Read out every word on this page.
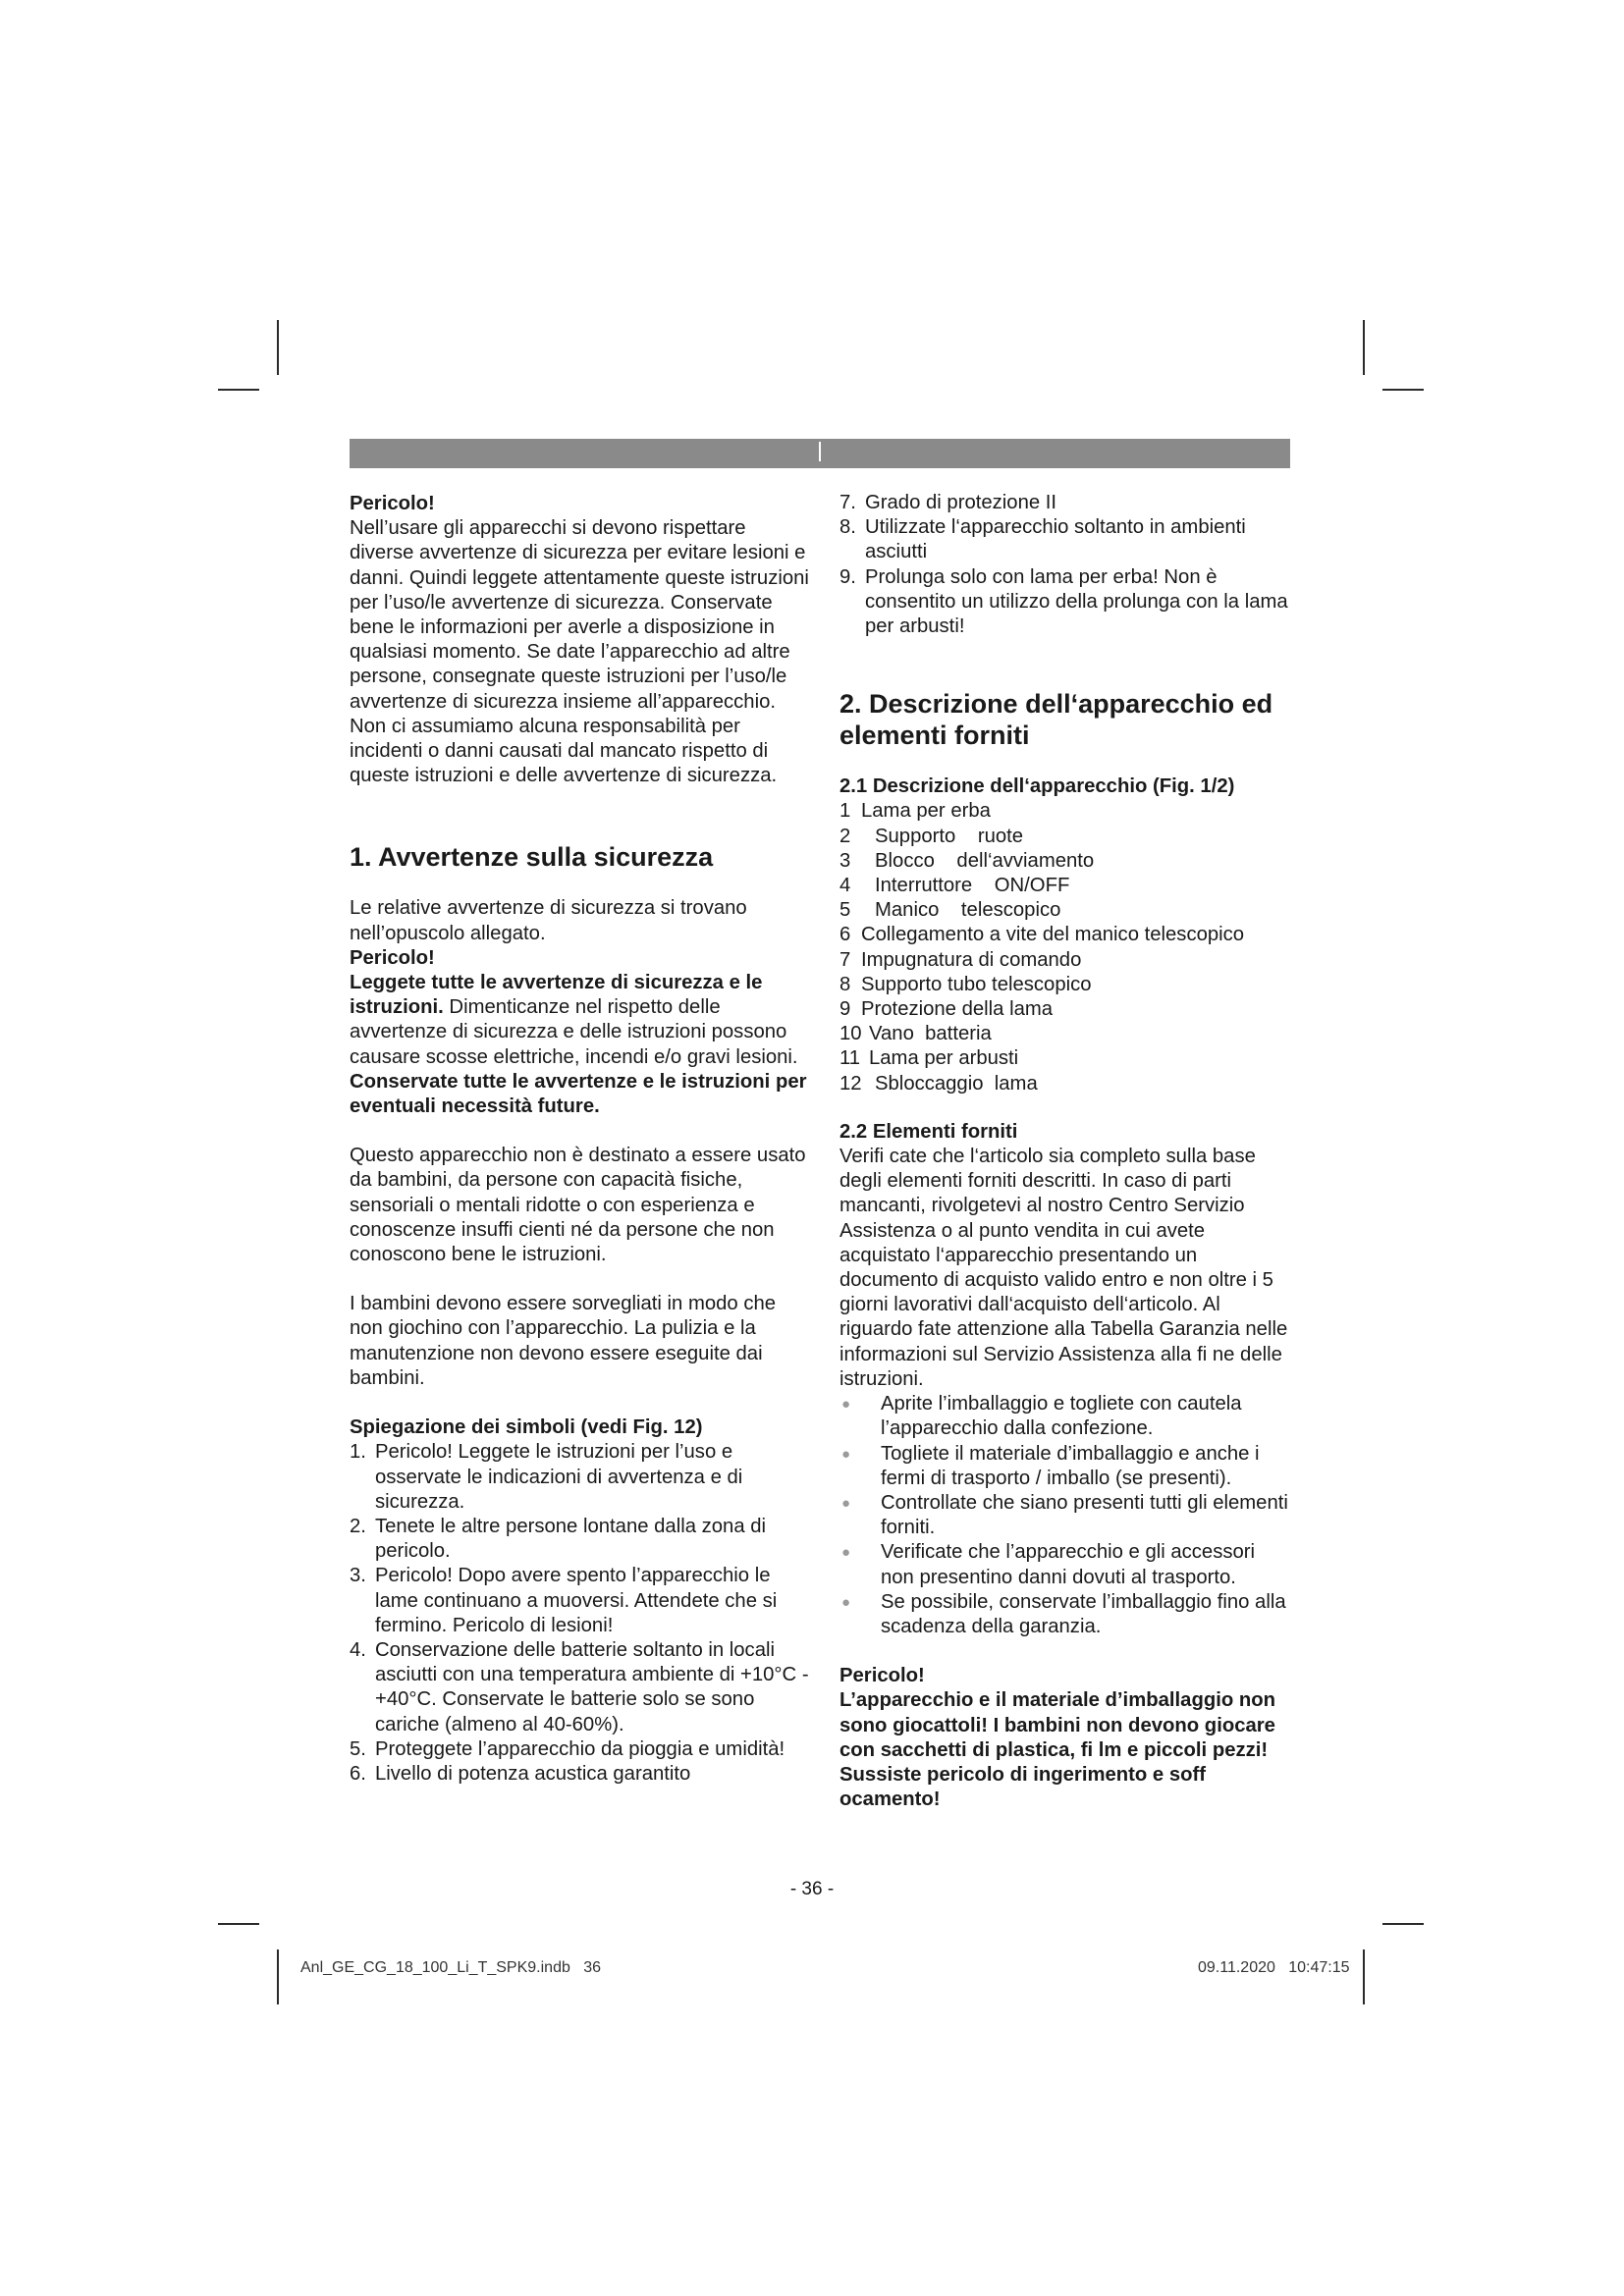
Pericolo!

Nell’usare gli apparecchi si devono rispettare diverse avvertenze di sicurezza per evitare lesioni e danni. Quindi leggete attentamente queste istruzioni per l’uso/le avvertenze di sicurezza. Conservate bene le informazioni per averle a disposizione in qualsiasi momento. Se date l’apparecchio ad altre persone, consegnate queste istruzioni per l’uso/le avvertenze di sicurezza insieme all’apparecchio. Non ci assumiamo alcuna responsabilità per incidenti o danni causati dal mancato rispetto di queste istruzioni e delle avvertenze di sicurezza.

1. Avvertenze sulla sicurezza

Le relative avvertenze di sicurezza si trovano nell’opuscolo allegato.

Pericolo!

Leggete tutte le avvertenze di sicurezza e le istruzioni. Dimenticanze nel rispetto delle avvertenze di sicurezza e delle istruzioni possono causare scosse elettriche, incendi e/o gravi lesioni.

Conservate tutte le avvertenze e le istruzioni per eventuali necessità future.

Questo apparecchio non è destinato a essere usato da bambini, da persone con capacità fisiche, sensoriali o mentali ridotte o con esperienza e conoscenze insuffi cienti né da persone che non conoscono bene le istruzioni.

I bambini devono essere sorvegliati in modo che non giochino con l’apparecchio. La pulizia e la manutenzione non devono essere eseguite dai bambini.

Spiegazione dei simboli (vedi Fig. 12)

1. Pericolo! Leggete le istruzioni per l’uso e osservate le indicazioni di avvertenza e di sicurezza.
2. Tenete le altre persone lontane dalla zona di pericolo.
3. Pericolo! Dopo avere spento l’apparecchio le lame continuano a muoversi. Attendete che si fermino. Pericolo di lesioni!
4. Conservazione delle batterie soltanto in locali asciutti con una temperatura ambiente di +10°C - +40°C. Conservate le batterie solo se sono cariche (almeno al 40-60%).
5. Proteggete l’apparecchio da pioggia e umidità!
6. Livello di potenza acustica garantito
7. Grado di protezione II
8. Utilizzate l‘apparecchio soltanto in ambienti asciutti
9. Prolunga solo con lama per erba! Non è consentito un utilizzo della prolunga con la lama per arbusti!

2. Descrizione dell‘apparecchio ed elementi forniti

2.1 Descrizione dell‘apparecchio (Fig. 1/2)

1 Lama per erba
2	Supporto    ruote
3	Blocco    dell‘avviamento
4	Interruttore    ON/OFF
5	Manico    telescopico
6 Collegamento a vite del manico telescopico
7 Impugnatura di comando
8 Supporto tubo telescopico
9 Protezione della lama
10 Vano  batteria
11 Lama per arbusti
12 Sbloccaggio  lama

2.2 Elementi forniti

Verifi cate che l‘articolo sia completo sulla base degli elementi forniti descritti. In caso di parti mancanti, rivolgetevi al nostro Centro Servizio Assistenza o al punto vendita in cui avete acquistato l‘apparecchio presentando un documento di acquisto valido entro e non oltre i 5 giorni lavorativi dall‘acquisto dell‘articolo. Al riguardo fate attenzione alla Tabella Garanzia nelle informazioni sul Servizio Assistenza alla fi ne delle istruzioni.

●	Aprite l’imballaggio e togliete con cautela l’apparecchio dalla confezione.
●	Togliete il materiale d’imballaggio e anche i fermi di trasporto / imballo (se presenti).
●	Controllate che siano presenti tutti gli elementi forniti.
●	Verificate che l’apparecchio e gli accessori non presentino danni dovuti al trasporto.
●	Se possibile, conservate l’imballaggio fino alla scadenza della garanzia.

Pericolo!

L’apparecchio e il materiale d’imballaggio non sono giocattoli! I bambini non devono giocare con sacchetti di plastica, fi lm e piccoli pezzi! Sussiste pericolo di ingerimento e soff ocamento!

- 36 -
Anl_GE_CG_18_100_Li_T_SPK9.indb   36	09.11.2020   10:47:15
